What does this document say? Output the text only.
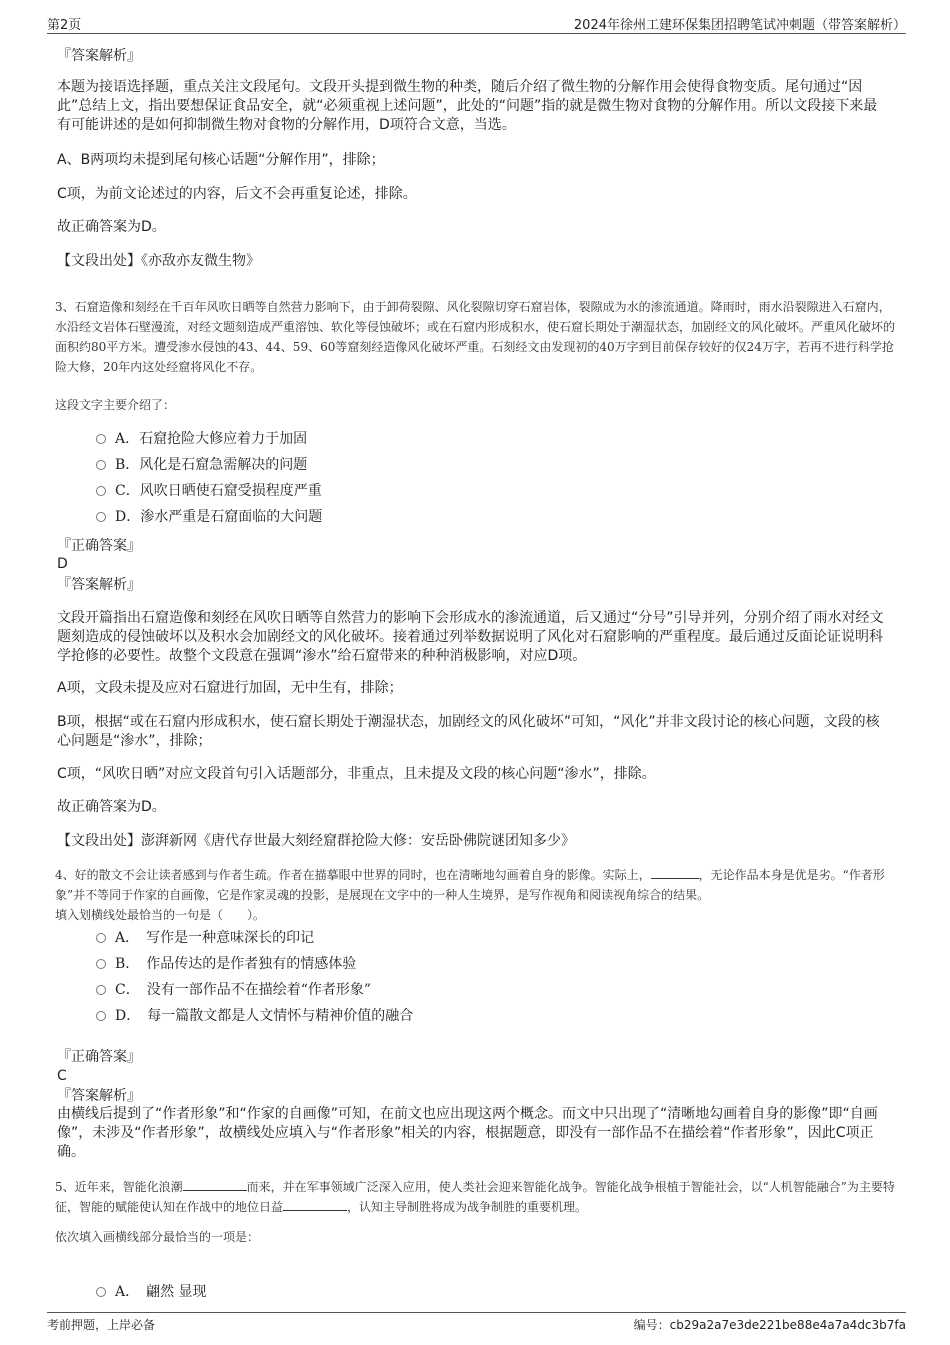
第2页	2024年徐州工建环保集团招聘笔试冲刺题（带答案解析）
『答案解析』
本题为接语选择题，重点关注文段尾句。文段开头提到微生物的种类，随后介绍了微生物的分解作用会使得食物变质。尾句通过“因此”总结上文，指出要想保证食品安全，就“必须重视上述问题”，此处的“问题”指的就是微生物对食物的分解作用。所以文段接下来最有可能讲述的是如何抑制微生物对食物的分解作用，D项符合文意，当选。
A、B两项均未提到尾句核心话题“分解作用”，排除；
C项，为前文论述过的内容，后文不会再重复论述，排除。
故正确答案为D。
【文段出处】《亦敌亦友微生物》
3、石窟造像和刻经在千百年风吹日晒等自然营力影响下，由于卸荷裂隙、风化裂隙切穿石窟岩体，裂隙成为水的渗流通道。降雨时，雨水沿裂隙进入石窟内，水沿经文岩体石壁漫流，对经文题刻造成严重溶蚀、软化等侵蚀破坏；或在石窟内形成积水，使石窟长期处于潮湿状态，加剧经文的风化破坏。严重风化破坏的面积约80平方米。遭受渗水侵蚀的43、44、59、60等窟刻经造像风化破坏严重。石刻经文由发现初的40万字到目前保存较好的仅24万字，若再不进行科学抢险大修，20年内这处经窟将风化不存。
这段文字主要介绍了：
A．石窟抢险大修应着力于加固
B．风化是石窟急需解决的问题
C．风吹日晒使石窟受损程度严重
D．渗水严重是石窟面临的大问题
『正确答案』
D
『答案解析』
文段开篇指出石窟造像和刻经在风吹日晒等自然营力的影响下会形成水的渗流通道，后又通过“分号”引导并列，分别介绍了雨水对经文题刻造成的侵蚀破坏以及积水会加剧经文的风化破坏。接着通过列举数据说明了风化对石窟影响的严重程度。最后通过反面论证说明科学抢修的必要性。故整个文段意在强调“渗水”给石窟带来的种种消极影响，对应D项。
A项，文段未提及应对石窟进行加固，无中生有，排除；
B项，根据“或在石窟内形成积水，使石窟长期处于潮湿状态，加剧经文的风化破坏”可知，“风化”并非文段讨论的核心问题，文段的核心问题是“渗水”，排除；
C项，“风吹日晒”对应文段首句引入话题部分，非重点，且未提及文段的核心问题“渗水”，排除。
故正确答案为D。
【文段出处】澎湃新网《唐代存世最大刻经窟群抢险大修：安岳卧佛院谜团知多少》
4、好的散文不会让读者感到与作者生疏。作者在描摹眼中世界的同时，也在清晰地勾画着自身的影像。实际上，	，无论作品本身是优是劣。“作者形象”并不等同于作家的自画像，它是作家灵魂的投影，是展现在文字中的一种人生境界，是写作视角和阅读视角综合的结果。
填入划横线处最恰当的一句是（　　）。
A．　写作是一种意味深长的印记
B．　作品传达的是作者独有的情感体验
C．　没有一部作品不在描绘着“作者形象”
D．　每一篇散文都是人文情怀与精神价值的融合
『正确答案』
C
『答案解析』
由横线后提到了“作者形象”和“作家的自画像”可知，在前文也应出现这两个概念。而文中只出现了“清晰地勾画着自身的影像”即“自画像”，未涉及“作者形象”，故横线处应填入与“作者形象”相关的内容，根据题意，即没有一部作品不在描绘着“作者形象”，因此C项正确。
5、近年来，智能化浪潮	而来，并在军事领域广泛深入应用，使人类社会迎来智能化战争。智能化战争根植于智能社会，以“人机智能融合”为主要特征，智能的赋能使认知在作战中的地位日益	，认知主导制胜将成为战争制胜的重要机理。
依次填入画横线部分最恰当的一项是：
A．　翩然 显现
考前押题，上岸必备	编号：cb29a2a7e3de221be88e4a7a4dc3b7fa
